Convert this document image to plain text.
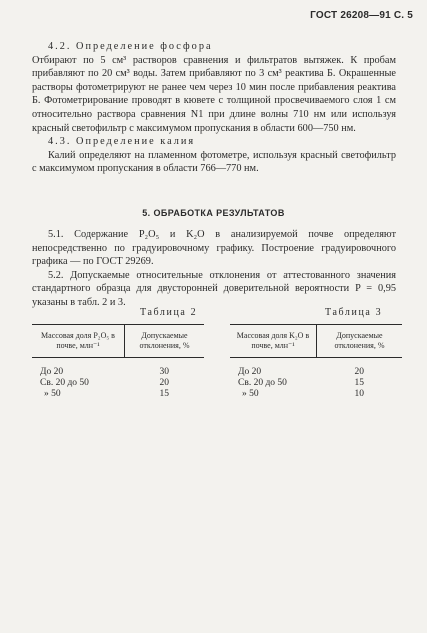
ГОСТ 26208—91 С. 5

4.2. Определение фосфора

Отбирают по 5 см³ растворов сравнения и фильтратов вытяжек. К пробам прибавляют по 20 см³ воды. Затем прибавляют по 3 см³ реактива Б. Окрашенные растворы фотометрируют не ранее чем через 10 мин после прибавления реактива Б. Фотометрирование проводят в кювете с толщиной просвечиваемого слоя 1 см относительно раствора сравнения N1 при длине волны 710 нм или используя красный светофильтр с максимумом пропускания в области 600—750 нм.

4.3. Определение калия

Калий определяют на пламенном фотометре, используя красный светофильтр с максимумом пропускания в области 766—770 нм.

5. ОБРАБОТКА РЕЗУЛЬТАТОВ

5.1. Содержание P₂O₅ и K₂O в анализируемой почве определяют непосредственно по градуировочному графику. Построение градуировочного графика — по ГОСТ 29269.

5.2. Допускаемые относительные отклонения от аттестованного значения стандартного образца для двусторонней доверительной вероятности P = 0,95 указаны в табл. 2 и 3.

Таблица 2
Массовая доля P₂O₅ в почве, млн⁻¹	Допускаемые отклонения, %

До 20	30
Св. 20 до 50	20
» 50	15
Таблица 3
Массовая доля K₂O в почве, млн⁻¹	Допускаемые отклонения, %

До 20	20
Св. 20 до 50	15
» 50	10
